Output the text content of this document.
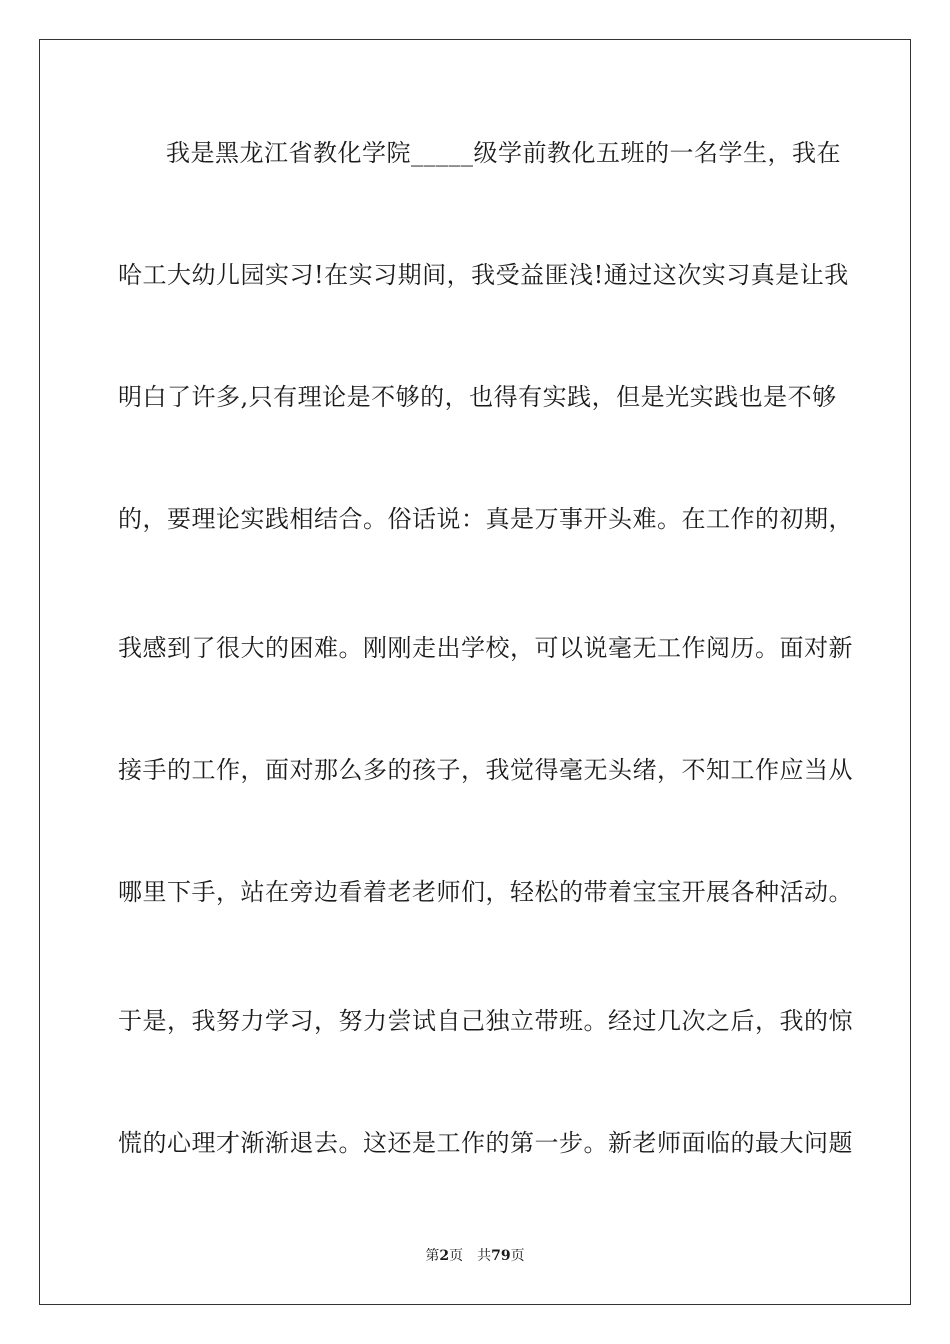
我是黑龙江省教化学院_____级学前教化五班的一名学生，我在
哈工大幼儿园实习!在实习期间，我受益匪浅!通过这次实习真是让我
明白了许多,只有理论是不够的，也得有实践，但是光实践也是不够
的，要理论实践相结合。俗话说：真是万事开头难。在工作的初期，
我感到了很大的困难。刚刚走出学校，可以说毫无工作阅历。面对新
接手的工作，面对那么多的孩子，我觉得毫无头绪，不知工作应当从
哪里下手，站在旁边看着老老师们，轻松的带着宝宝开展各种活动。
于是，我努力学习，努力尝试自己独立带班。经过几次之后，我的惊
慌的心理才渐渐退去。这还是工作的第一步。新老师面临的最大问题
第2页 共79页
